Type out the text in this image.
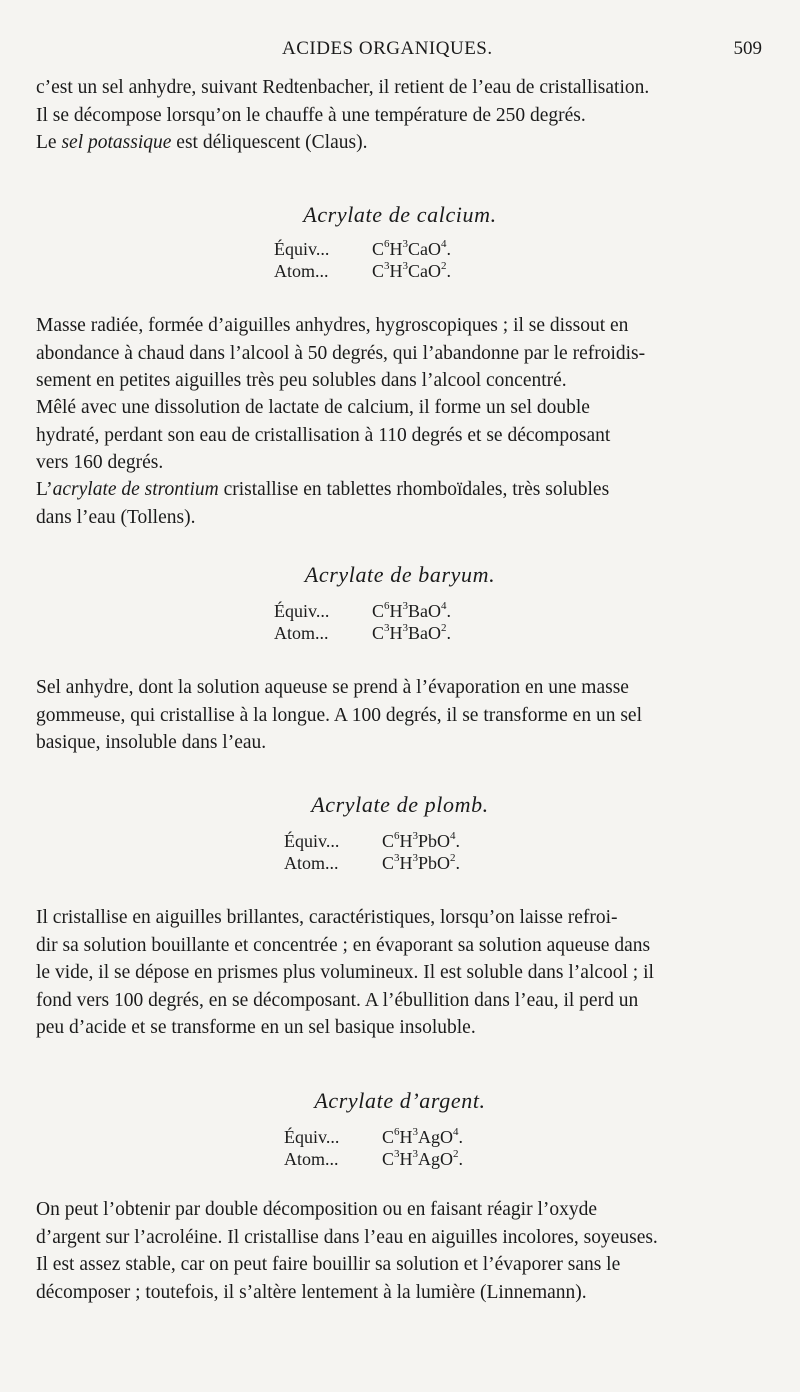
ACIDES ORGANIQUES.	509

c’est un sel anhydre, suivant Redtenbacher, il retient de l’eau de cristallisation.
Il se décompose lorsqu’on le chauffe à une température de 250 degrés.
Le sel potassique est déliquescent (Claus).

Acrylate de calcium.
Équiv... $C^6H^3CaO^4$.
Atom... $C^3H^3CaO^2$.

Masse radiée, formée d’aiguilles anhydres, hygroscopiques ; il se dissout en
abondance à chaud dans l’alcool à 50 degrés, qui l’abandonne par le refroidis-
sement en petites aiguilles très peu solubles dans l’alcool concentré.

Mêlé avec une dissolution de lactate de calcium, il forme un sel double
hydraté, perdant son eau de cristallisation à 110 degrés et se décomposant
vers 160 degrés.

L’acrylate de strontium cristallise en tablettes rhomboïdales, très solubles
dans l’eau (Tollens).

Acrylate de baryum.
Équiv... $C^6H^3BaO^4$.
Atom... $C^3H^3BaO^2$.

Sel anhydre, dont la solution aqueuse se prend à l’évaporation en une masse
gommeuse, qui cristallise à la longue. A 100 degrés, il se transforme en un sel
basique, insoluble dans l’eau.

Acrylate de plomb.
Équiv... $C^6H^3PbO^4$.
Atom... $C^3H^3PbO^2$.

Il cristallise en aiguilles brillantes, caractéristiques, lorsqu’on laisse refroi-
dir sa solution bouillante et concentrée ; en évaporant sa solution aqueuse dans
le vide, il se dépose en prismes plus volumineux. Il est soluble dans l’alcool ; il
fond vers 100 degrés, en se décomposant. A l’ébullition dans l’eau, il perd un
peu d’acide et se transforme en un sel basique insoluble.

Acrylate d’argent.
Équiv... $C^6H^3AgO^4$.
Atom... $C^3H^3AgO^2$.

On peut l’obtenir par double décomposition ou en faisant réagir l’oxyde
d’argent sur l’acroléine. Il cristallise dans l’eau en aiguilles incolores, soyeuses.
Il est assez stable, car on peut faire bouillir sa solution et l’évaporer sans le
décomposer ; toutefois, il s’altère lentement à la lumière (Linnemann).
